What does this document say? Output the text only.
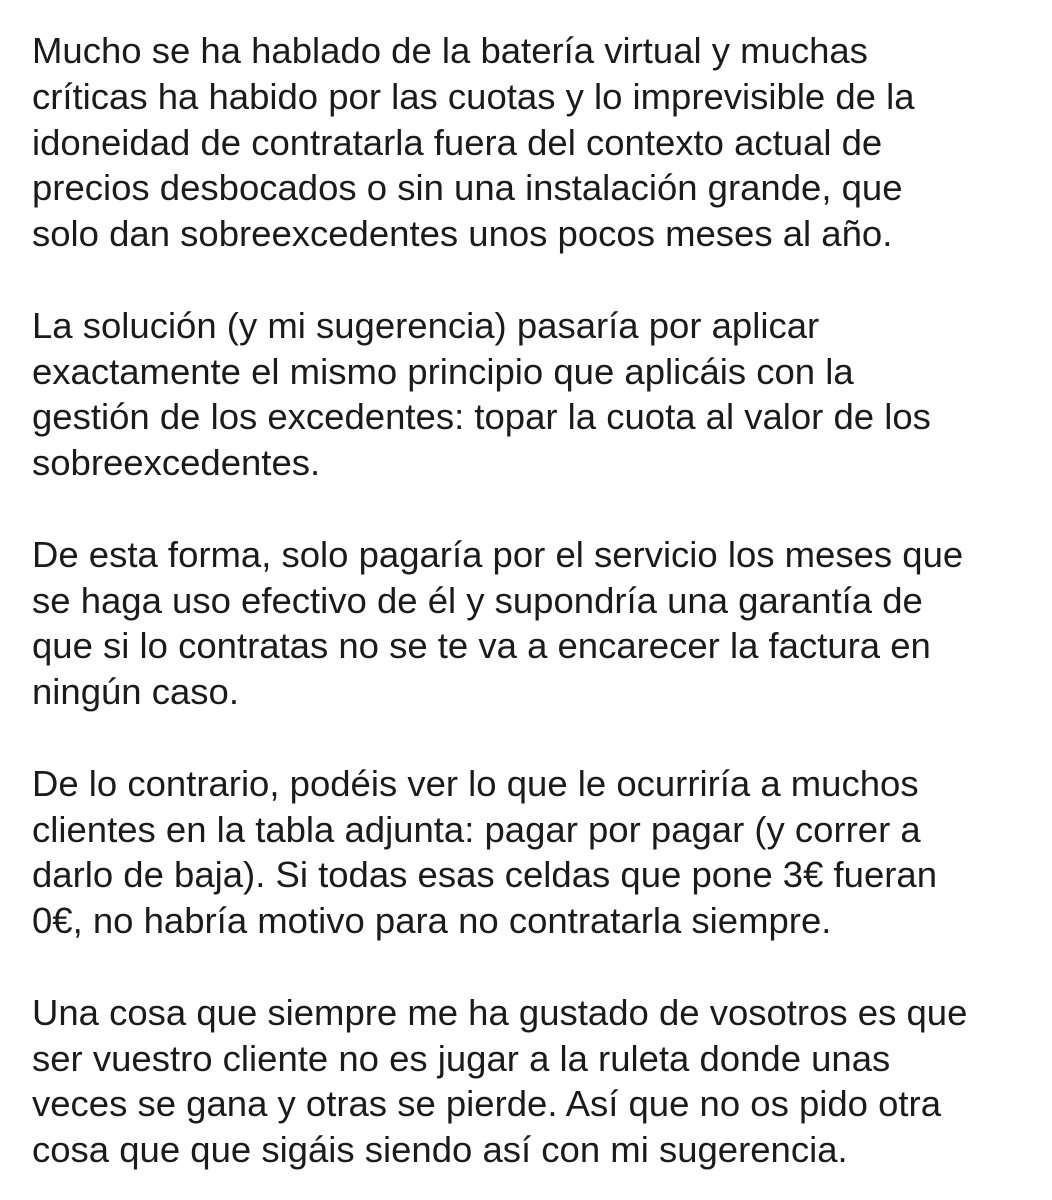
Mucho se ha hablado de la batería virtual y muchas
críticas ha habido por las cuotas y lo imprevisible de la
idoneidad de contratarla fuera del contexto actual de
precios desbocados o sin una instalación grande, que
solo dan sobreexcedentes unos pocos meses al año.

La solución (y mi sugerencia) pasaría por aplicar
exactamente el mismo principio que aplicáis con la
gestión de los excedentes: topar la cuota al valor de los
sobreexcedentes.

De esta forma, solo pagaría por el servicio los meses que
se haga uso efectivo de él y supondría una garantía de
que si lo contratas no se te va a encarecer la factura en
ningún caso.

De lo contrario, podéis ver lo que le ocurriría a muchos
clientes en la tabla adjunta: pagar por pagar (y correr a
darlo de baja). Si todas esas celdas que pone 3€ fueran
0€, no habría motivo para no contratarla siempre.

Una cosa que siempre me ha gustado de vosotros es que
ser vuestro cliente no es jugar a la ruleta donde unas
veces se gana y otras se pierde. Así que no os pido otra
cosa que que sigáis siendo así con mi sugerencia.
